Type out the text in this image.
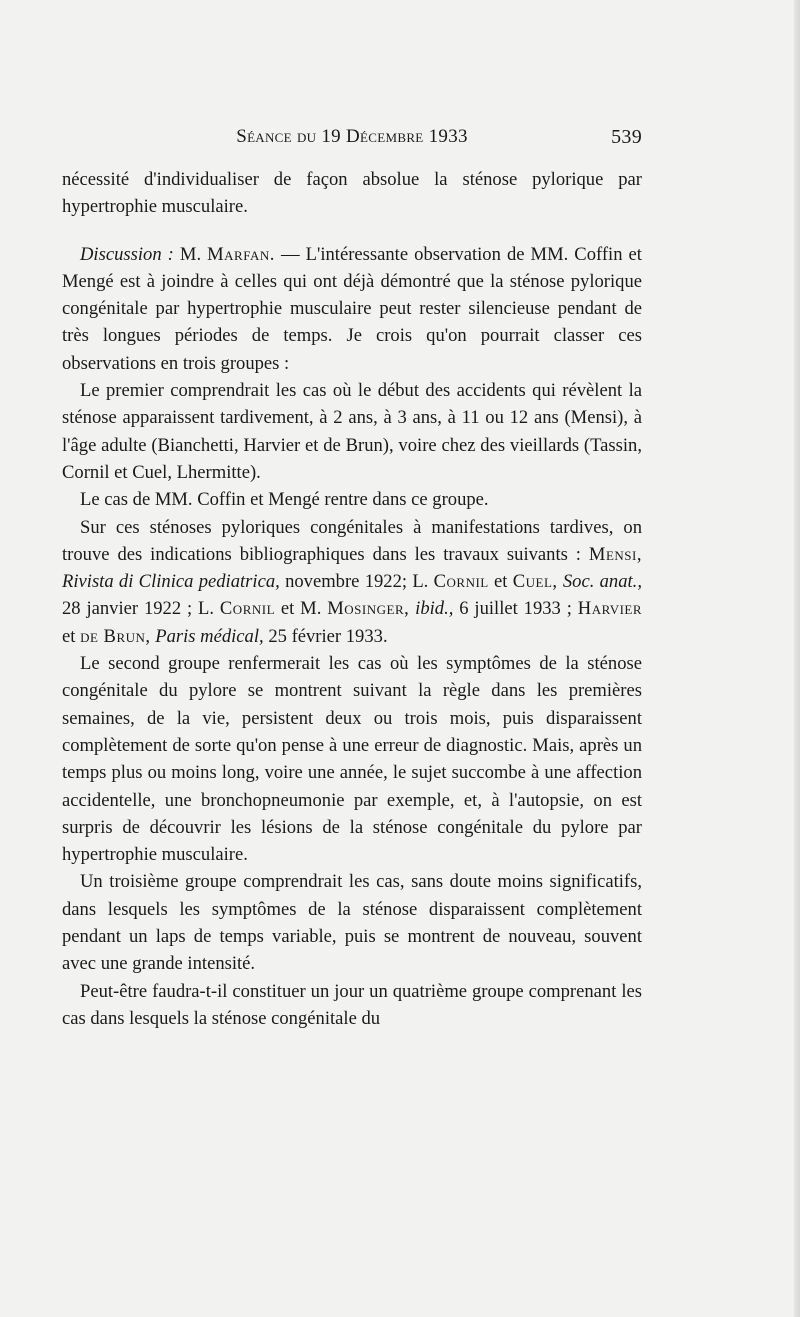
Séance du 19 Décembre 1933	539

nécessité d'individualiser de façon absolue la sténose pylorique par hypertrophie musculaire.

Discussion : M. Marfan. — L'intéressante observation de MM. Coffin et Mengé est à joindre à celles qui ont déjà démontré que la sténose pylorique congénitale par hypertrophie musculaire peut rester silencieuse pendant de très longues périodes de temps. Je crois qu'on pourrait classer ces observations en trois groupes :

Le premier comprendrait les cas où le début des accidents qui révèlent la sténose apparaissent tardivement, à 2 ans, à 3 ans, à 11 ou 12 ans (Mensi), à l'âge adulte (Bianchetti, Harvier et de Brun), voire chez des vieillards (Tassin, Cornil et Cuel, Lhermitte).

Le cas de MM. Coffin et Mengé rentre dans ce groupe.

Sur ces sténoses pyloriques congénitales à manifestations tardives, on trouve des indications bibliographiques dans les travaux suivants : Mensi, Rivista di Clinica pediatrica, novembre 1922; L. Cornil et Cuel, Soc. anat., 28 janvier 1922 ; L. Cornil et M. Mosinger, ibid., 6 juillet 1933 ; Harvier et de Brun, Paris médical, 25 février 1933.

Le second groupe renfermerait les cas où les symptômes de la sténose congénitale du pylore se montrent suivant la règle dans les premières semaines, de la vie, persistent deux ou trois mois, puis disparaissent complètement de sorte qu'on pense à une erreur de diagnostic. Mais, après un temps plus ou moins long, voire une année, le sujet succombe à une affection accidentelle, une bronchopneumonie par exemple, et, à l'autopsie, on est surpris de découvrir les lésions de la sténose congénitale du pylore par hypertrophie musculaire.

Un troisième groupe comprendrait les cas, sans doute moins significatifs, dans lesquels les symptômes de la sténose disparaissent complètement pendant un laps de temps variable, puis se montrent de nouveau, souvent avec une grande intensité.

Peut-être faudra-t-il constituer un jour un quatrième groupe comprenant les cas dans lesquels la sténose congénitale du
